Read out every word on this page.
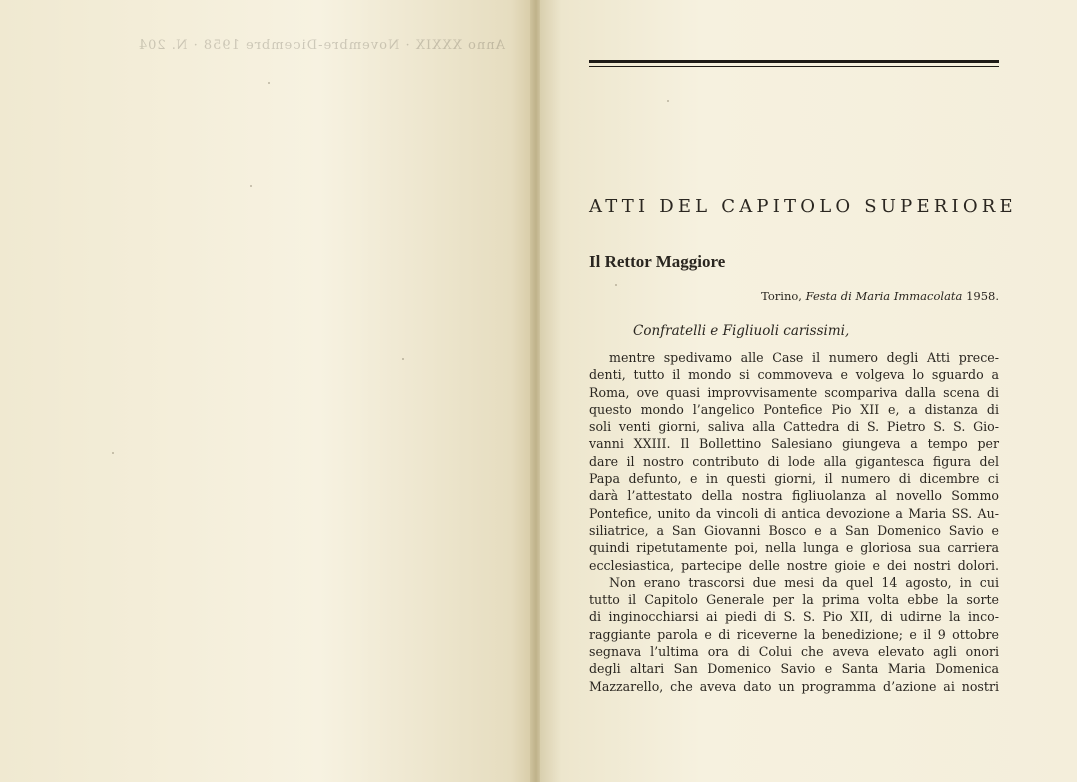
Anno XXXIX · Novembre-Dicembre 1958 · N. 204
ATTI DEL CAPITOLO SUPERIORE
Il Rettor Maggiore
Torino, Festa di Maria Immacolata 1958.
Confratelli e Figliuoli carissimi,
mentre spedivamo alle Case il numero degli Atti prece-
denti, tutto il mondo si commoveva e volgeva lo sguardo a
Roma, ove quasi improvvisamente scompariva dalla scena di
questo mondo l’angelico Pontefice Pio XII e, a distanza di
soli venti giorni, saliva alla Cattedra di S. Pietro S. S. Gio-
vanni XXIII. Il Bollettino Salesiano giungeva a tempo per
dare il nostro contributo di lode alla gigantesca figura del
Papa defunto, e in questi giorni, il numero di dicembre ci
darà l’attestato della nostra figliuolanza al novello Sommo
Pontefice, unito da vincoli di antica devozione a Maria SS. Au-
siliatrice, a San Giovanni Bosco e a San Domenico Savio e
quindi ripetutamente poi, nella lunga e gloriosa sua carriera
ecclesiastica, partecipe delle nostre gioie e dei nostri dolori.
Non erano trascorsi due mesi da quel 14 agosto, in cui
tutto il Capitolo Generale per la prima volta ebbe la sorte
di inginocchiarsi ai piedi di S. S. Pio XII, di udirne la inco-
raggiante parola e di riceverne la benedizione; e il 9 ottobre
segnava l’ultima ora di Colui che aveva elevato agli onori
degli altari San Domenico Savio e Santa Maria Domenica
Mazzarello, che aveva dato un programma d’azione ai nostri
